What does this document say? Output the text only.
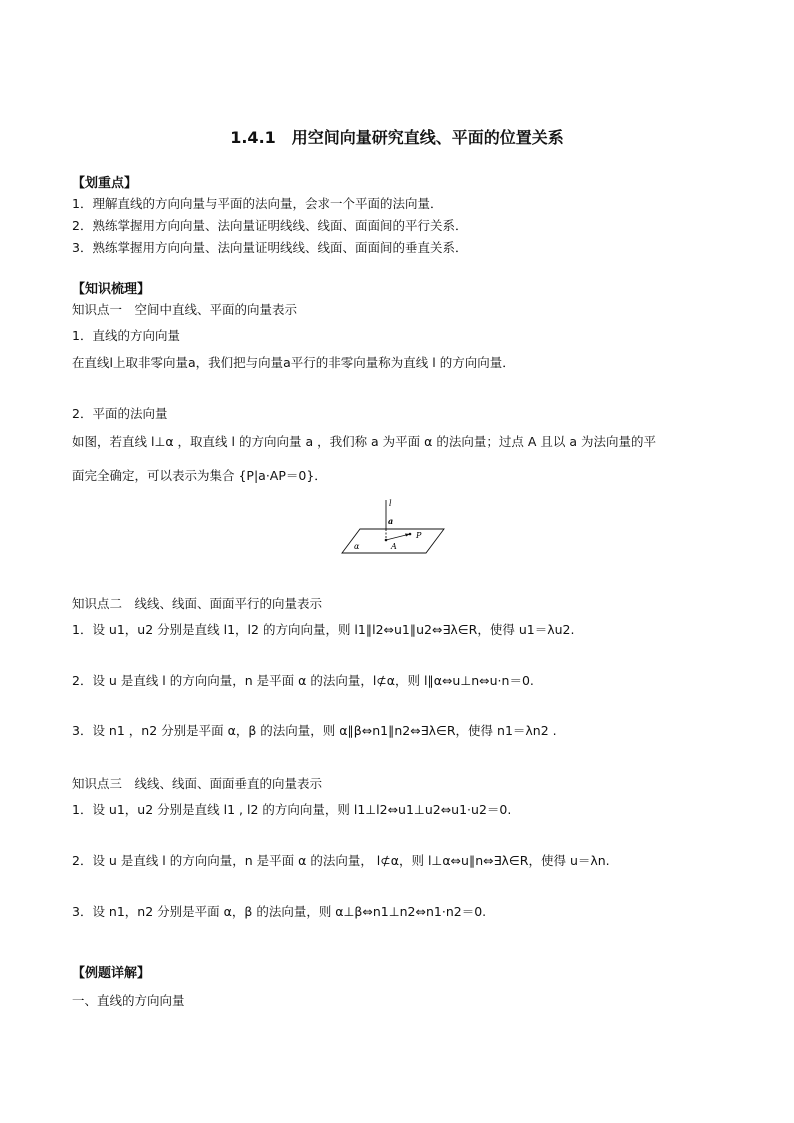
1.4.1　用空间向量研究直线、平面的位置关系
【划重点】
1．理解直线的方向向量与平面的法向量，会求一个平面的法向量．
2．熟练掌握用方向向量、法向量证明线线、线面、面面间的平行关系．
3．熟练掌握用方向向量、法向量证明线线、线面、面面间的垂直关系．
【知识梳理】
知识点一　空间中直线、平面的向量表示
1．直线的方向向量
在直线l上取非零向量a，我们把与向量a平行的非零向量称为直线 l 的方向向量．
2．平面的法向量
如图，若直线 l⊥α ，取直线 l 的方向向量 a ，我们称 a 为平面 α 的法向量；过点 A 且以 a 为法向量的平
面完全确定，可以表示为集合 {P|a·AP＝0}．
l
a
α	A
P
知识点二　线线、线面、面面平行的向量表示
1．设 u1，u2 分别是直线 l1，l2 的方向向量，则 l1∥l2⇔u1∥u2⇔∃λ∈R，使得 u1＝λu2.
2．设 u 是直线 l 的方向向量，n 是平面 α 的法向量，l⊄α，则 l∥α⇔u⊥n⇔u·n＝0.
3．设 n1 ，n2 分别是平面 α，β 的法向量，则 α∥β⇔n1∥n2⇔∃λ∈R，使得 n1＝λn2 .
知识点三　线线、线面、面面垂直的向量表示
1．设 u1，u2 分别是直线 l1 , l2 的方向向量，则 l1⊥l2⇔u1⊥u2⇔u1·u2＝0.
2．设 u 是直线 l 的方向向量，n 是平面 α 的法向量， l⊄α，则 l⊥α⇔u∥n⇔∃λ∈R，使得 u＝λn.
3．设 n1，n2 分别是平面 α，β 的法向量，则 α⊥β⇔n1⊥n2⇔n1·n2＝0.
【例题详解】
一、直线的方向向量
